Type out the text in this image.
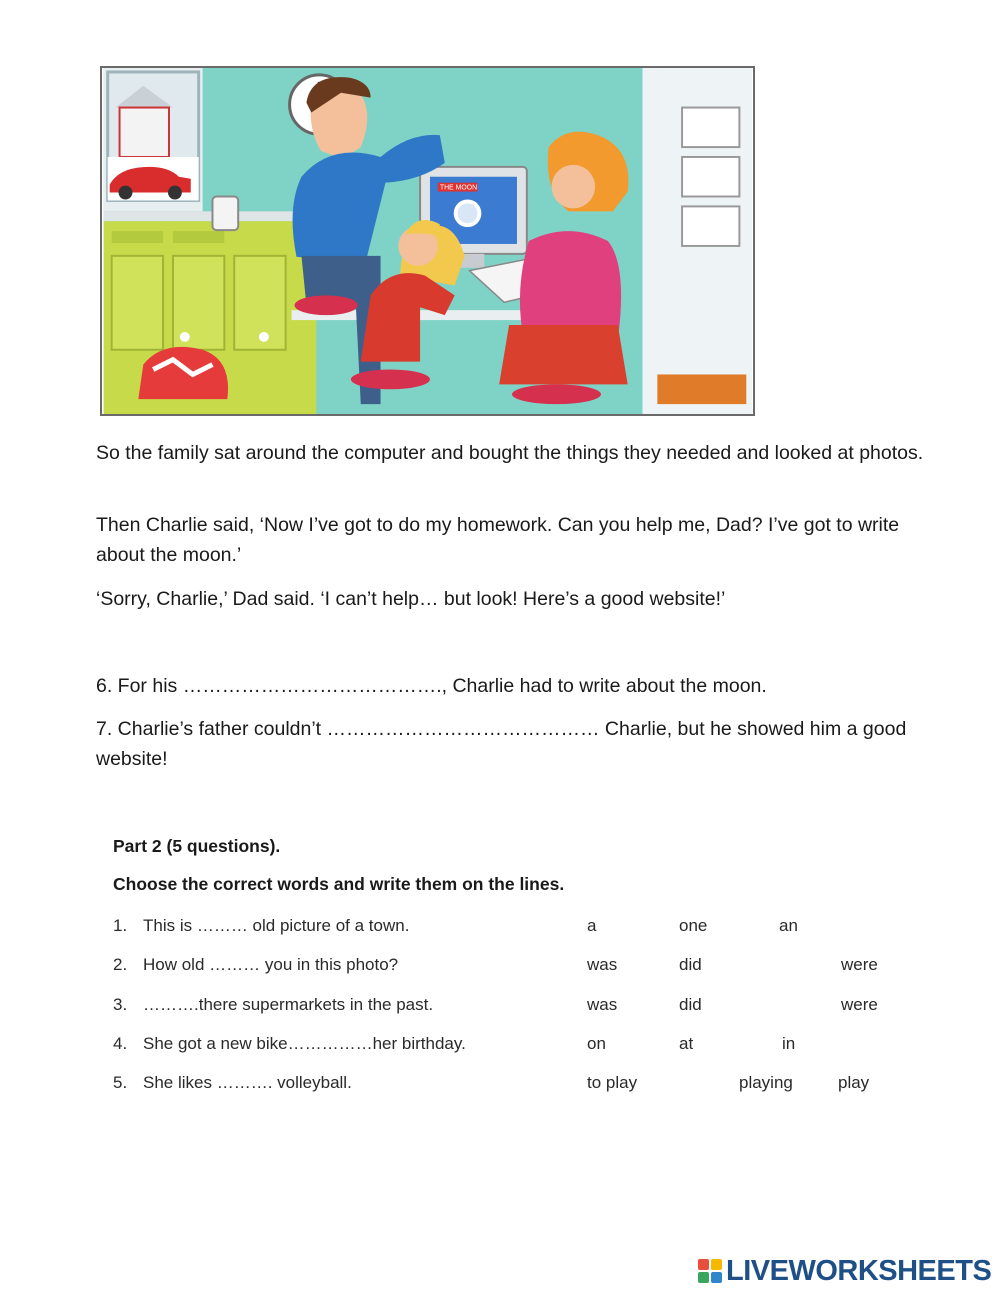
THE MOON
So the family sat around the computer and bought the things they needed and looked at photos.
Then Charlie said, ‘Now I’ve got to do my homework. Can you help me, Dad? I’ve got to write about the moon.’
‘Sorry, Charlie,’ Dad said. ‘I can’t help… but look! Here’s a good website!’
6. For his …………………………………., Charlie had to write about the moon.
7. Charlie’s father couldn’t …………………………………… Charlie, but he showed him a good website!
Part 2 (5 questions).
Choose the correct words and write them on the lines.
1. This is ……… old picture of a town.	a	one	an
2. How old ……… you in this photo?	was	did	were
3. ……….there supermarkets in the past.	was	did	were
4. She got a new bike……………her birthday.	on	at	in
5. She likes ………. volleyball.	to play	playing	play
LIVEWORKSHEETS
